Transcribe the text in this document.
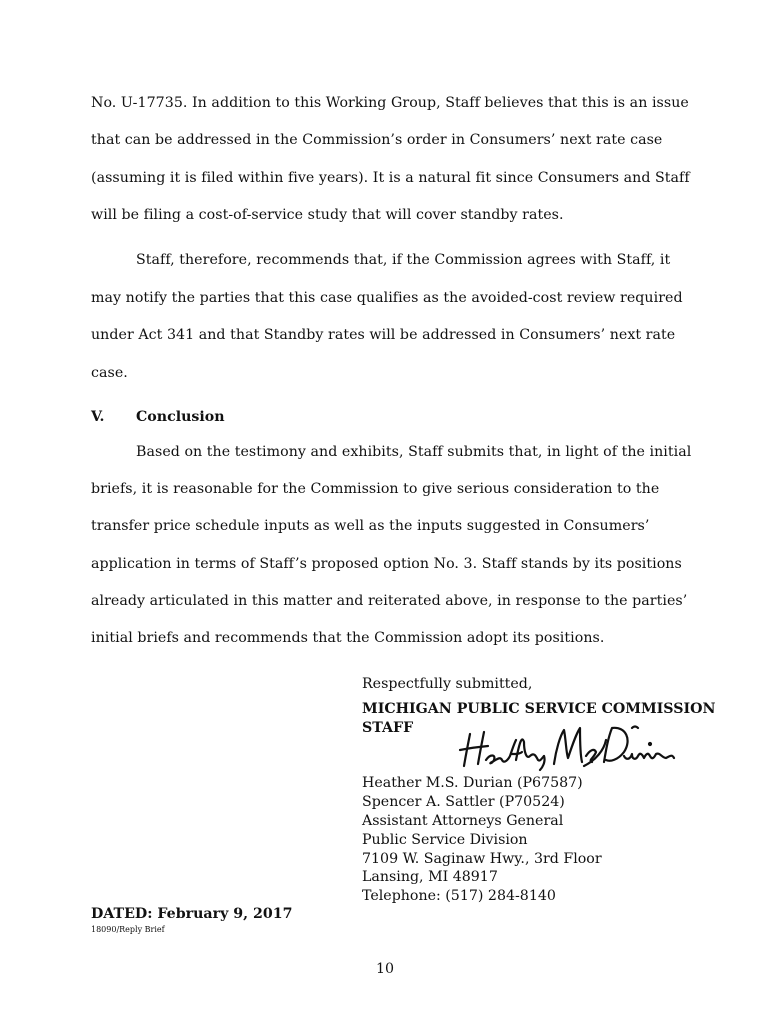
No. U-17735. In addition to this Working Group, Staff believes that this is an issue
that can be addressed in the Commission’s order in Consumers’ next rate case
(assuming it is filed within five years). It is a natural fit since Consumers and Staff
will be filing a cost-of-service study that will cover standby rates.
Staff, therefore, recommends that, if the Commission agrees with Staff, it
may notify the parties that this case qualifies as the avoided-cost review required
under Act 341 and that Standby rates will be addressed in Consumers’ next rate
case.
V. Conclusion
Based on the testimony and exhibits, Staff submits that, in light of the initial
briefs, it is reasonable for the Commission to give serious consideration to the
transfer price schedule inputs as well as the inputs suggested in Consumers’
application in terms of Staff’s proposed option No. 3. Staff stands by its positions
already articulated in this matter and reiterated above, in response to the parties’
initial briefs and recommends that the Commission adopt its positions.
Respectfully submitted,
MICHIGAN PUBLIC SERVICE COMMISSION
STAFF
Heather M.S. Durian (P67587)
Spencer A. Sattler (P70524)
Assistant Attorneys General
Public Service Division
7109 W. Saginaw Hwy., 3rd Floor
Lansing, MI 48917
Telephone: (517) 284-8140
DATED: February 9, 2017
18090/Reply Brief
10
